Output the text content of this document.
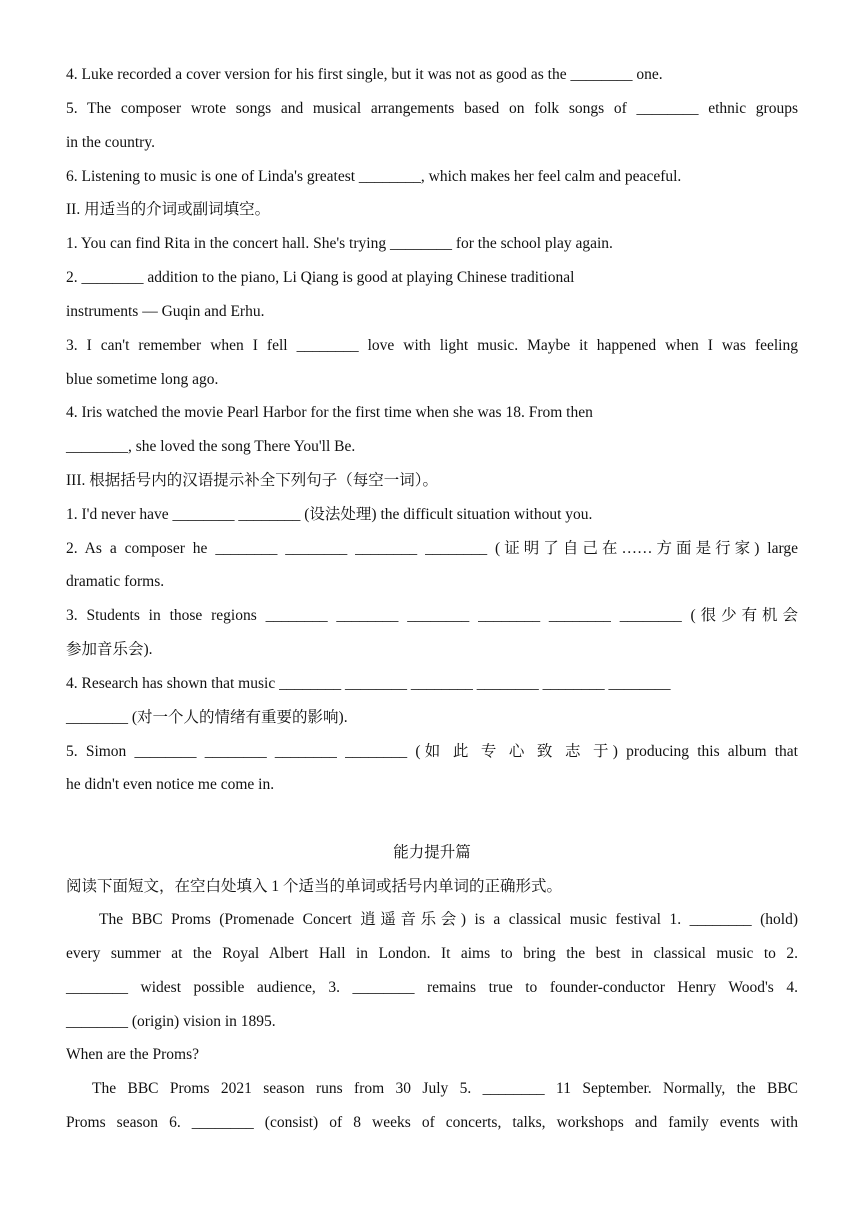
4. Luke recorded a cover version for his first single, but it was not as good as the ________ one.
5. The composer wrote songs and musical arrangements based on folk songs of ________ ethnic groups
in the country.
6. Listening to music is one of Linda's greatest ________, which makes her feel calm and peaceful.
II. 用适当的介词或副词填空。
1. You can find Rita in the concert hall. She's trying ________ for the school play again.
2. ________ addition to the piano, Li Qiang is good at playing Chinese traditional
instruments — Guqin and Erhu.
3. I can't remember when I fell ________ love with light music. Maybe it happened when I was feeling
blue sometime long ago.
4. Iris watched the movie Pearl Harbor for the first time when she was 18. From then
________, she loved the song There You'll Be.
III. 根据括号内的汉语提示补全下列句子（每空一词）。
1. I'd never have ________ ________ (设法处理) the difficult situation without you.
2. As a composer he ________ ________ ________ ________ (证明了自己在……方面是行家) large
dramatic forms.
3. Students in those regions ________ ________ ________ ________ ________ ________ (很少有机会
参加音乐会).
4. Research has shown that music ________ ________ ________ ________ ________ ________
________ (对一个人的情绪有重要的影响).
5. Simon ________ ________ ________ ________ (如 此 专 心 致 志 于) producing this album that
he didn't even notice me come in.
能力提升篇
阅读下面短文，在空白处填入 1 个适当的单词或括号内单词的正确形式。
The BBC Proms (Promenade Concert 逍遥音乐会) is a classical music festival 1. ________ (hold)
every summer at the Royal Albert Hall in London. It aims to bring the best in classical music to 2.
________ widest possible audience, 3. ________ remains true to founder-conductor Henry Wood's 4.
________ (origin) vision in 1895.
When are the Proms?
The BBC Proms 2021 season runs from 30 July 5. ________ 11 September. Normally, the BBC
Proms season 6. ________ (consist) of 8 weeks of concerts, talks, workshops and family events with
